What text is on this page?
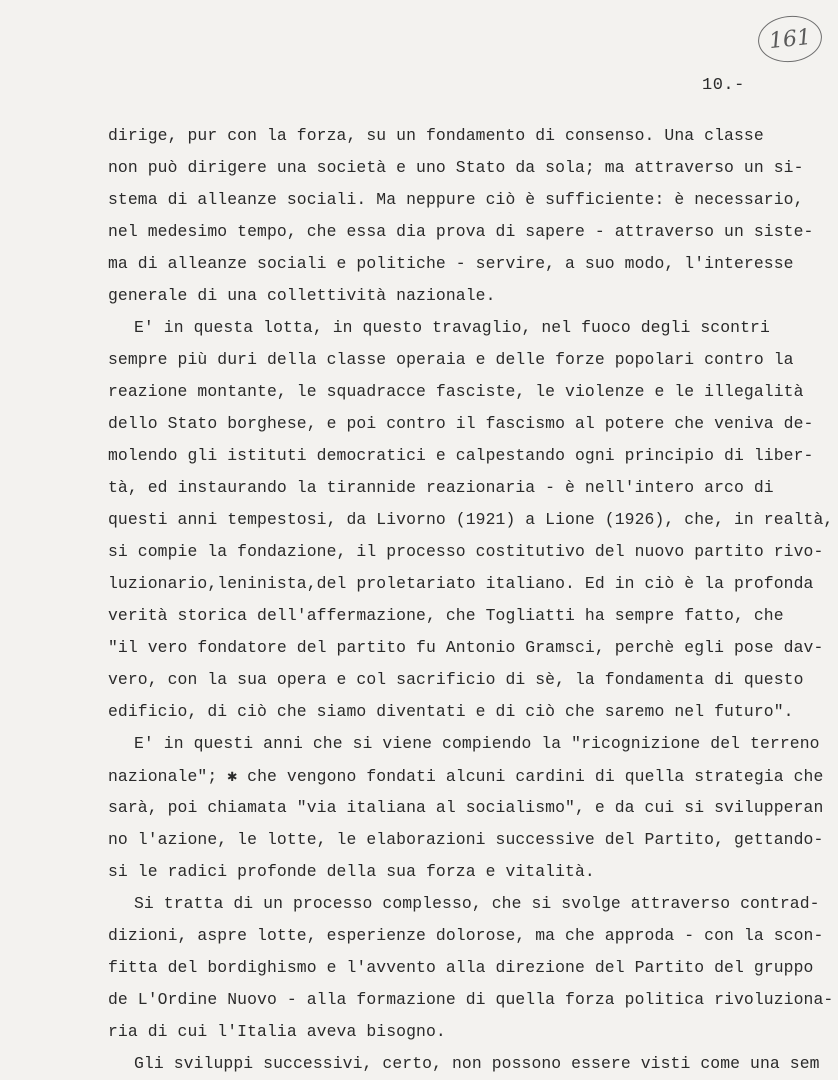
161
10.-
dirige, pur con la forza, su un fondamento di consenso. Una classe
non può dirigere una società e uno Stato da sola; ma attraverso un si-
stema di alleanze sociali. Ma neppure ciò è sufficiente: è necessario,
nel medesimo tempo, che essa dia prova di sapere - attraverso un siste-
ma di alleanze sociali e politiche - servire, a suo modo, l'interesse
generale di una collettività nazionale.
E' in questa lotta, in questo travaglio, nel fuoco degli scontri
sempre più duri della classe operaia e delle forze popolari contro la
reazione montante, le squadracce fasciste, le violenze e le illegalità
dello Stato borghese, e poi contro il fascismo al potere che veniva de-
molendo gli istituti democratici e calpestando ogni principio di liber-
tà, ed instaurando la tirannide reazionaria - è nell'intero arco di
questi anni tempestosi, da Livorno (1921) a Lione (1926), che, in realtà,
si compie la fondazione, il processo costitutivo del nuovo partito rivo-
luzionario,leninista,del proletariato italiano. Ed in ciò è la profonda
verità storica dell'affermazione, che Togliatti ha sempre fatto, che
"il vero fondatore del partito fu Antonio Gramsci, perchè egli pose dav-
vero, con la sua opera e col sacrificio di sè, la fondamenta di questo
edificio, di ciò che siamo diventati e di ciò che saremo nel futuro".
E' in questi anni che si viene compiendo la "ricognizione del terreno
nazionale"; ✱ che vengono fondati alcuni cardini di quella strategia che
sarà, poi chiamata "via italiana al socialismo", e da cui si svilupperan
no l'azione, le lotte, le elaborazioni successive del Partito, gettando-
si le radici profonde della sua forza e vitalità.
Si tratta di un processo complesso, che si svolge attraverso contrad-
dizioni, aspre lotte, esperienze dolorose, ma che approda - con la scon-
fitta del bordighismo e l'avvento alla direzione del Partito del gruppo
de L'Ordine Nuovo - alla formazione di quella forza politica rivoluziona-
ria di cui l'Italia aveva bisogno.
Gli sviluppi successivi, certo, non possono essere visti come una sem
